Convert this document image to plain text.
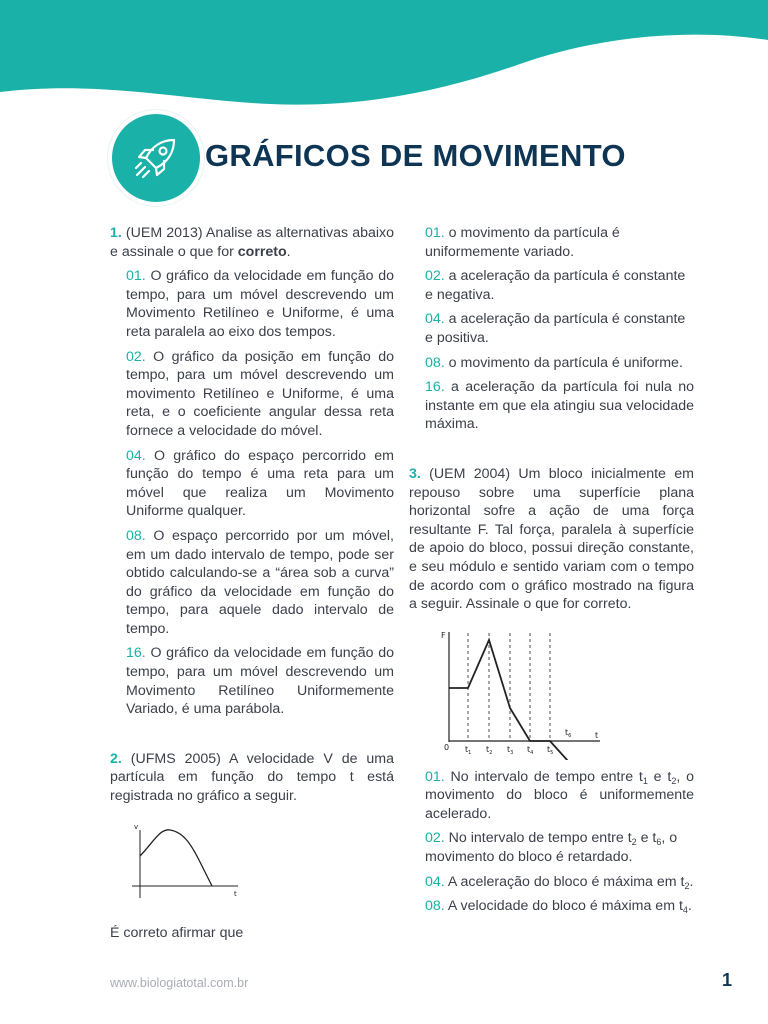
GRÁFICOS DE MOVIMENTO

1. (UEM 2013) Analise as alternativas abaixo e assinale o que for correto.

01. O gráfico da velocidade em função do tempo, para um móvel descrevendo um Movimento Retilíneo e Uniforme, é uma reta paralela ao eixo dos tempos.

02. O gráfico da posição em função do tempo, para um móvel descrevendo um movimento Retilíneo e Uniforme, é uma reta, e o coeficiente angular dessa reta fornece a velocidade do móvel.

04. O gráfico do espaço percorrido em função do tempo é uma reta para um móvel que realiza um Movimento Uniforme qualquer.

08. O espaço percorrido por um móvel, em um dado intervalo de tempo, pode ser obtido calculando-se a “área sob a curva” do gráfico da velocidade em função do tempo, para aquele dado intervalo de tempo.

16. O gráfico da velocidade em função do tempo, para um móvel descrevendo um Movimento Retilíneo Uniformemente Variado, é uma parábola.

2. (UFMS 2005) A velocidade V de uma partícula em função do tempo t está registrada no gráfico a seguir.

v
t

É correto afirmar que

01. o movimento da partícula é uniformemente variado.

02. a aceleração da partícula é constante e negativa.

04. a aceleração da partícula é constante e positiva.

08. o movimento da partícula é uniforme.

16. a aceleração da partícula foi nula no instante em que ela atingiu sua velocidade máxima.

3. (UEM 2004) Um bloco inicialmente em repouso sobre uma superfície plana horizontal sofre a ação de uma força resultante F. Tal força, paralela à superfície de apoio do bloco, possui direção constante, e seu módulo e sentido variam com o tempo de acordo com o gráfico mostrado na figura a seguir. Assinale o que for correto.

F
t
0 $t_1$ $t_2$ $t_3$ $t_4$ $t_5$
$t_6$

01. No intervalo de tempo entre $t_1$ e $t_2$, o movimento do bloco é uniformemente acelerado.

02. No intervalo de tempo entre $t_2$ e $t_6$, o movimento do bloco é retardado.

04. A aceleração do bloco é máxima em $t_2$.

08. A velocidade do bloco é máxima em $t_4$.

www.biologiatotal.com.br	1
